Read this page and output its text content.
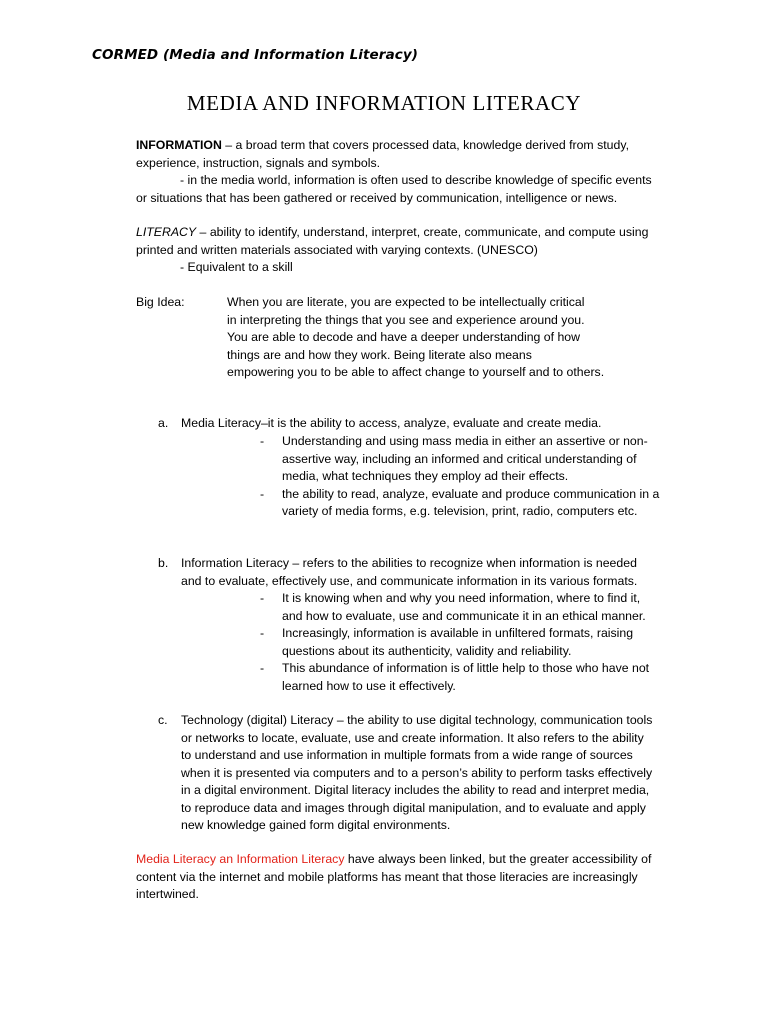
CORMED (Media and Information Literacy)
MEDIA AND INFORMATION LITERACY
INFORMATION – a broad term that covers processed data, knowledge derived from study,
experience, instruction, signals and symbols.
- in the media world, information is often used to describe knowledge of specific events
or situations that has been gathered or received by communication, intelligence or news.
LITERACY – ability to identify, understand, interpret, create, communicate, and compute using
printed and written materials associated with varying contexts. (UNESCO)
- Equivalent to a skill
Big Idea:	When you are literate, you are expected to be intellectually critical
in interpreting the things that you see and experience around you.
You are able to decode and have a deeper understanding of how
things are and how they work. Being literate also means
empowering you to be able to affect change to yourself and to others.
a. Media Literacy–it is the ability to access, analyze, evaluate and create media.
- Understanding and using mass media in either an assertive or non-
assertive way, including an informed and critical understanding of
media, what techniques they employ ad their effects.
- the ability to read, analyze, evaluate and produce communication in a
variety of media forms, e.g. television, print, radio, computers etc.
b. Information Literacy – refers to the abilities to recognize when information is needed
and to evaluate, effectively use, and communicate information in its various formats.
- It is knowing when and why you need information, where to find it,
and how to evaluate, use and communicate it in an ethical manner.
- Increasingly, information is available in unfiltered formats, raising
questions about its authenticity, validity and reliability.
- This abundance of information is of little help to those who have not
learned how to use it effectively.
c. Technology (digital) Literacy – the ability to use digital technology, communication tools
or networks to locate, evaluate, use and create information. It also refers to the ability
to understand and use information in multiple formats from a wide range of sources
when it is presented via computers and to a person’s ability to perform tasks effectively
in a digital environment. Digital literacy includes the ability to read and interpret media,
to reproduce data and images through digital manipulation, and to evaluate and apply
new knowledge gained form digital environments.
Media Literacy an Information Literacy have always been linked, but the greater accessibility of
content via the internet and mobile platforms has meant that those literacies are increasingly
intertwined.
